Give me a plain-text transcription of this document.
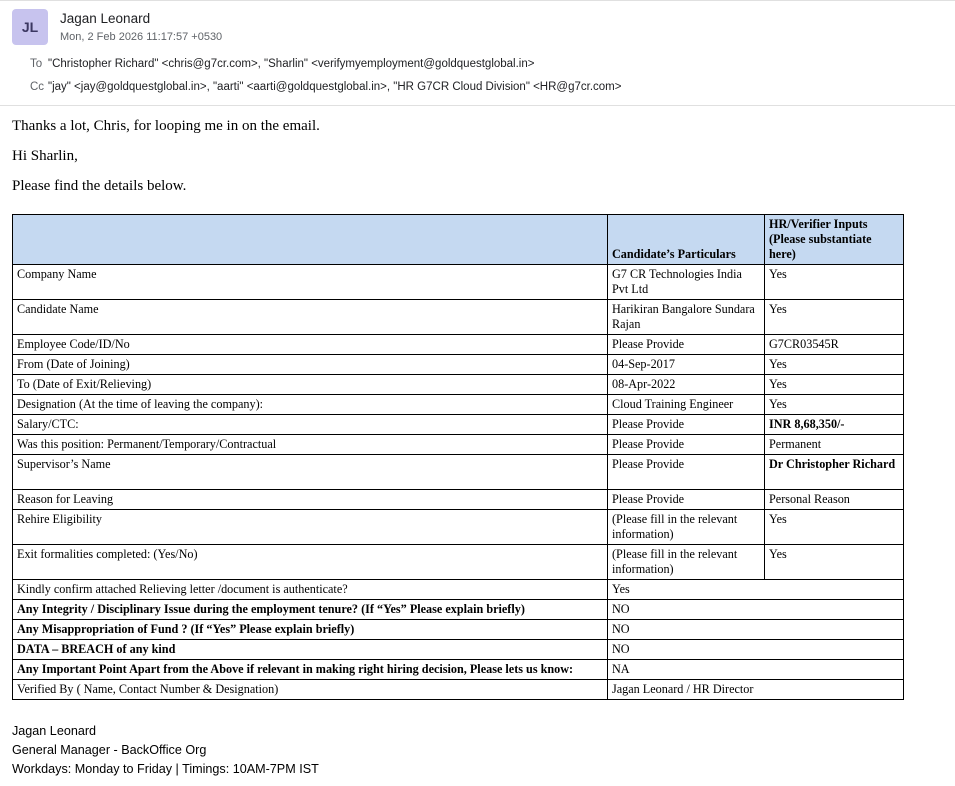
JL
Jagan Leonard
Mon, 2 Feb 2026 11:17:57 +0530
To "Christopher Richard" <chris@g7cr.com>, "Sharlin" <verifymyemployment@goldquestglobal.in>
Cc "jay" <jay@goldquestglobal.in>, "aarti" <aarti@goldquestglobal.in>, "HR G7CR Cloud Division" <HR@g7cr.com>

Thanks a lot, Chris, for looping me in on the email.

Hi Sharlin,

Please find the details below.

	Candidate’s Particulars	HR/Verifier Inputs
(Please substantiate here)
Company Name	G7 CR Technologies India Pvt Ltd	Yes
Candidate Name	Harikiran Bangalore Sundara Rajan	Yes
Employee Code/ID/No	Please Provide	G7CR03545R
From (Date of Joining)	04-Sep-2017	Yes
To (Date of Exit/Relieving)	08-Apr-2022	Yes
Designation (At the time of leaving the company):	Cloud Training Engineer	Yes
Salary/CTC:	Please Provide	INR 8,68,350/-
Was this position: Permanent/Temporary/Contractual	Please Provide	Permanent
Supervisor’s Name	Please Provide	Dr Christopher Richard
Reason for Leaving	Please Provide	Personal Reason
Rehire Eligibility	(Please fill in the relevant information)	Yes
Exit formalities completed: (Yes/No)	(Please fill in the relevant information)	Yes
Kindly confirm attached Relieving letter /document is authenticate?	Yes	
Any Integrity / Disciplinary Issue during the employment tenure? (If “Yes” Please explain briefly)	NO	
Any Misappropriation of Fund ? (If “Yes” Please explain briefly)	NO	
DATA – BREACH of any kind	NO	
Any Important Point Apart from the Above if relevant in making right hiring decision, Please lets us know:	NA	
Verified By ( Name, Contact Number & Designation)	Jagan Leonard / HR Director	
Jagan Leonard
General Manager - BackOffice Org
Workdays: Monday to Friday | Timings: 10AM-7PM IST
